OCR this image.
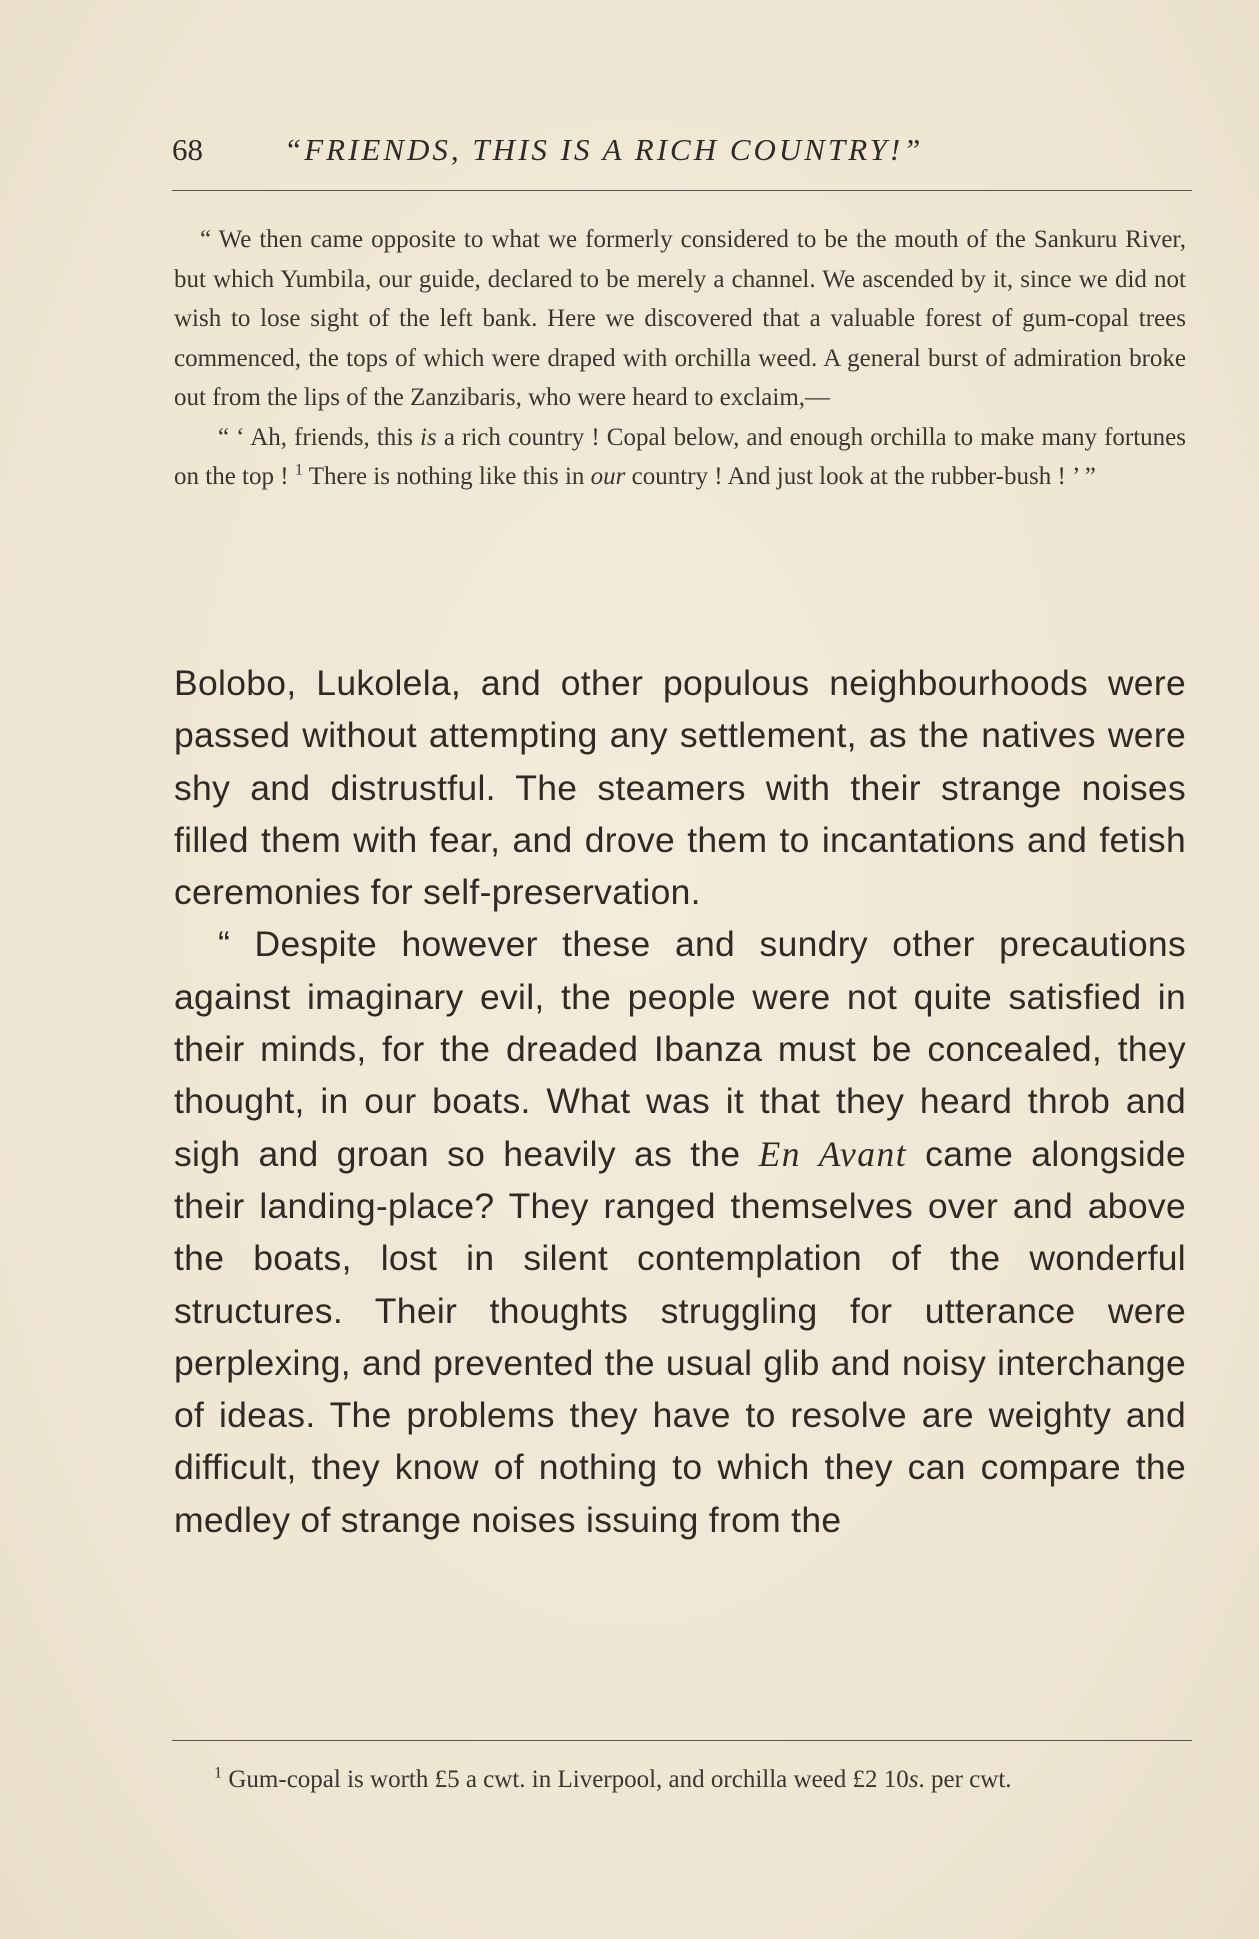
68	“FRIENDS, THIS IS A RICH COUNTRY!”

“ We then came opposite to what we formerly considered to be the mouth of the Sankuru River, but which Yumbila, our guide, declared to be merely a channel. We ascended by it, since we did not wish to lose sight of the left bank. Here we discovered that a valuable forest of gum-copal trees commenced, the tops of which were draped with orchilla weed. A general burst of admiration broke out from the lips of the Zanzibaris, who were heard to exclaim,—

“ ‘ Ah, friends, this is a rich country ! Copal below, and enough orchilla to make many fortunes on the top ! $^1$ There is nothing like this in our country ! And just look at the rubber-bush ! ’ ”

Bolobo, Lukolela, and other populous neighbourhoods were passed without attempting any settlement, as the natives were shy and distrustful. The steamers with their strange noises filled them with fear, and drove them to incantations and fetish ceremonies for self-preservation.

“ Despite however these and sundry other precautions against imaginary evil, the people were not quite satisfied in their minds, for the dreaded Ibanza must be concealed, they thought, in our boats. What was it that they heard throb and sigh and groan so heavily as the En Avant came alongside their landing-place? They ranged themselves over and above the boats, lost in silent contemplation of the wonderful structures. Their thoughts struggling for utterance were perplexing, and prevented the usual glib and noisy interchange of ideas. The problems they have to resolve are weighty and difficult, they know of nothing to which they can compare the medley of strange noises issuing from the

$^1$ Gum-copal is worth £5 a cwt. in Liverpool, and orchilla weed £2 10s. per cwt.
